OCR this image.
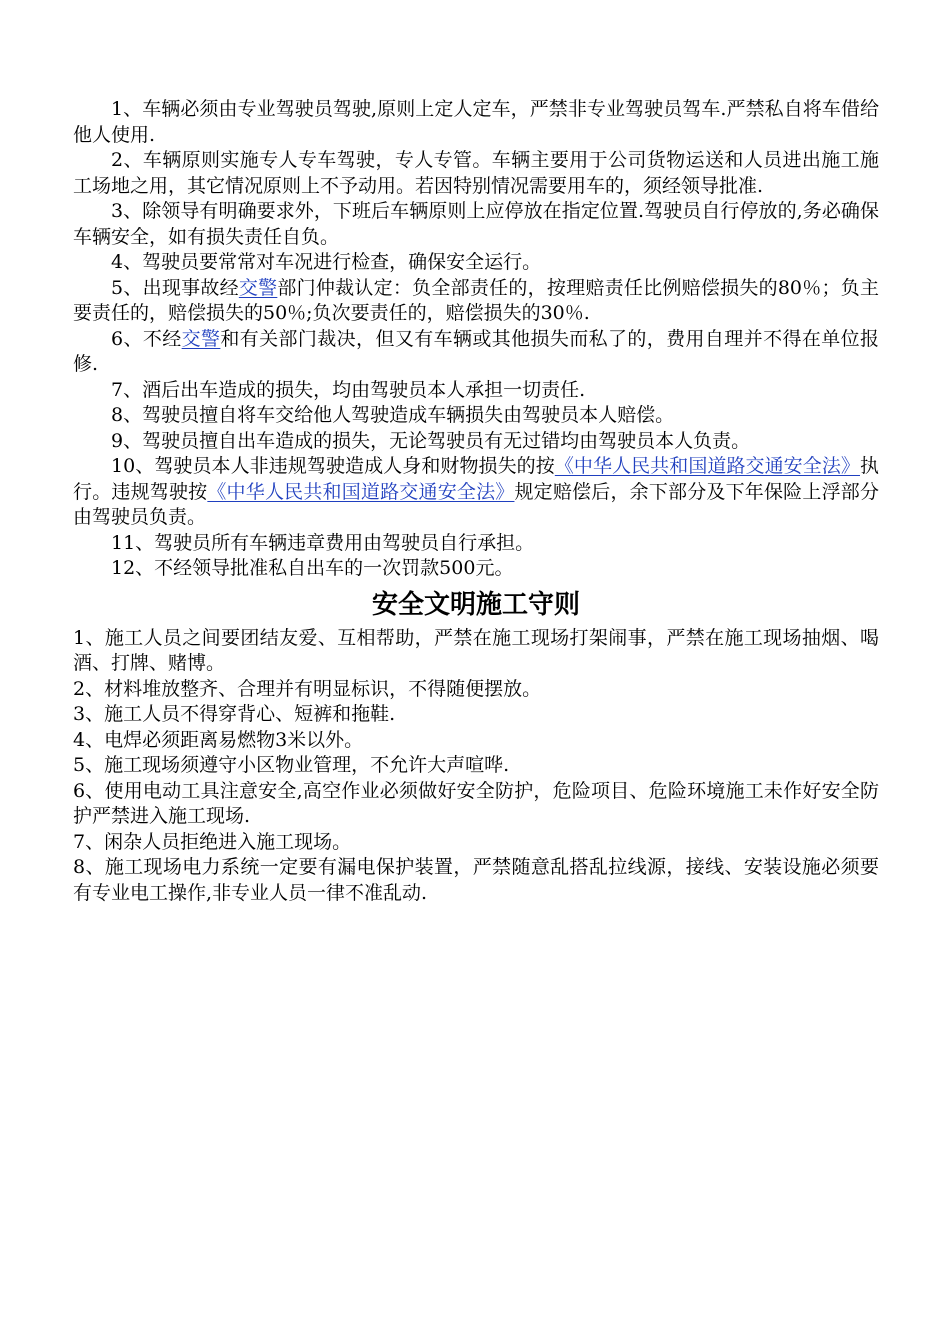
1、车辆必须由专业驾驶员驾驶,原则上定人定车，严禁非专业驾驶员驾车.严禁私自将车借给他人使用.

2、车辆原则实施专人专车驾驶，专人专管。车辆主要用于公司货物运送和人员进出施工施工场地之用，其它情况原则上不予动用。若因特别情况需要用车的，须经领导批准.

3、除领导有明确要求外，下班后车辆原则上应停放在指定位置.驾驶员自行停放的,务必确保车辆安全，如有损失责任自负。

4、驾驶员要常常对车况进行检查，确保安全运行。

5、出现事故经交警部门仲裁认定：负全部责任的，按理赔责任比例赔偿损失的80％；负主要责任的，赔偿损失的50％;负次要责任的，赔偿损失的30％.

6、不经交警和有关部门裁决，但又有车辆或其他损失而私了的，费用自理并不得在单位报修.

7、酒后出车造成的损失，均由驾驶员本人承担一切责任.

8、驾驶员擅自将车交给他人驾驶造成车辆损失由驾驶员本人赔偿。

9、驾驶员擅自出车造成的损失，无论驾驶员有无过错均由驾驶员本人负责。

10、驾驶员本人非违规驾驶造成人身和财物损失的按《中华人民共和国道路交通安全法》执行。违规驾驶按《中华人民共和国道路交通安全法》规定赔偿后，余下部分及下年保险上浮部分由驾驶员负责。

11、驾驶员所有车辆违章费用由驾驶员自行承担。

12、不经领导批准私自出车的一次罚款500元。

安全文明施工守则

1、施工人员之间要团结友爱、互相帮助，严禁在施工现场打架闹事，严禁在施工现场抽烟、喝酒、打牌、赌博。

2、材料堆放整齐、合理并有明显标识，不得随便摆放。

3、施工人员不得穿背心、短裤和拖鞋.

4、电焊必须距离易燃物3米以外。

5、施工现场须遵守小区物业管理，不允许大声喧哗.

6、使用电动工具注意安全,高空作业必须做好安全防护，危险项目、危险环境施工未作好安全防护严禁进入施工现场.

7、闲杂人员拒绝进入施工现场。

8、施工现场电力系统一定要有漏电保护装置，严禁随意乱搭乱拉线源，接线、安装设施必须要有专业电工操作,非专业人员一律不准乱动.
